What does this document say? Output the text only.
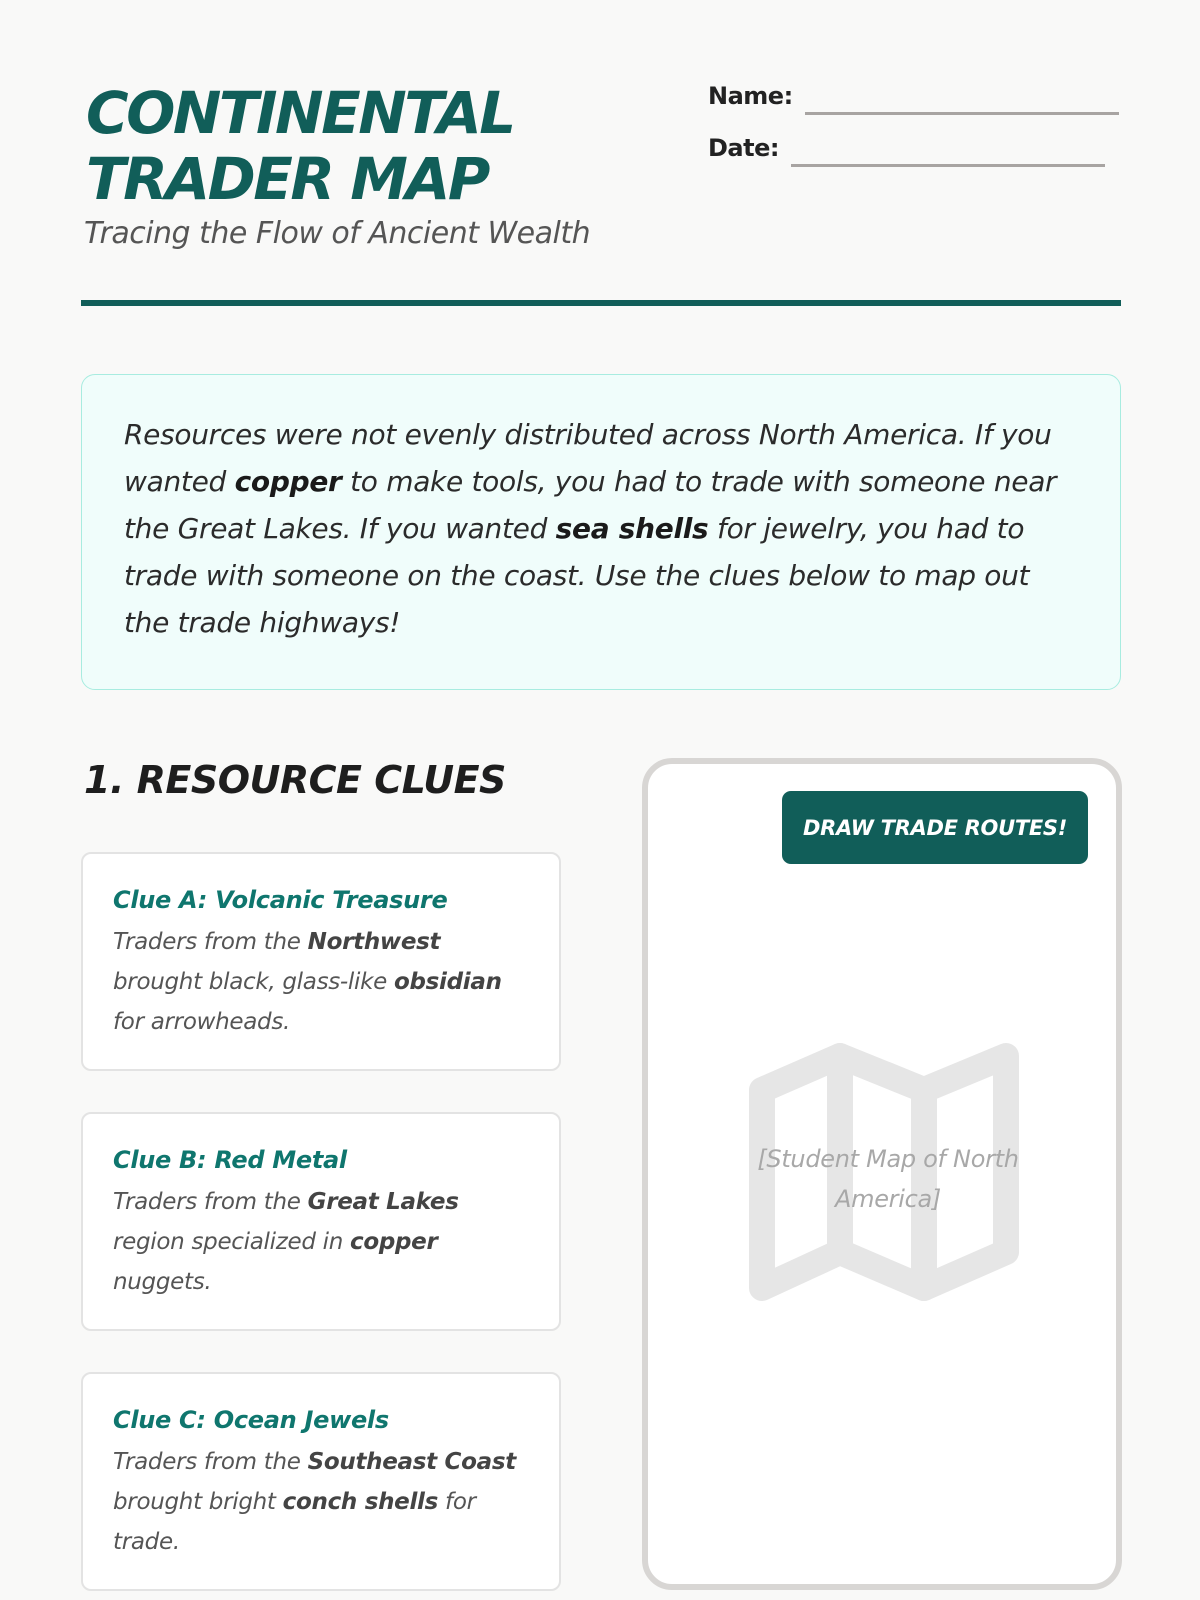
CONTINENTAL
TRADER MAP
Tracing the Flow of Ancient Wealth
Name:
Date:

Resources were not evenly distributed across North America. If you wanted copper to make tools, you had to trade with someone near the Great Lakes. If you wanted sea shells for jewelry, you had to trade with someone on the coast. Use the clues below to map out the trade highways!

1. RESOURCE CLUES
Clue A: Volcanic Treasure
Traders from the Northwest brought black, glass-like obsidian for arrowheads.
Clue B: Red Metal
Traders from the Great Lakes region specialized in copper nuggets.
Clue C: Ocean Jewels
Traders from the Southeast Coast brought bright conch shells for trade.
DRAW TRADE ROUTES!
[Student Map of North America]
